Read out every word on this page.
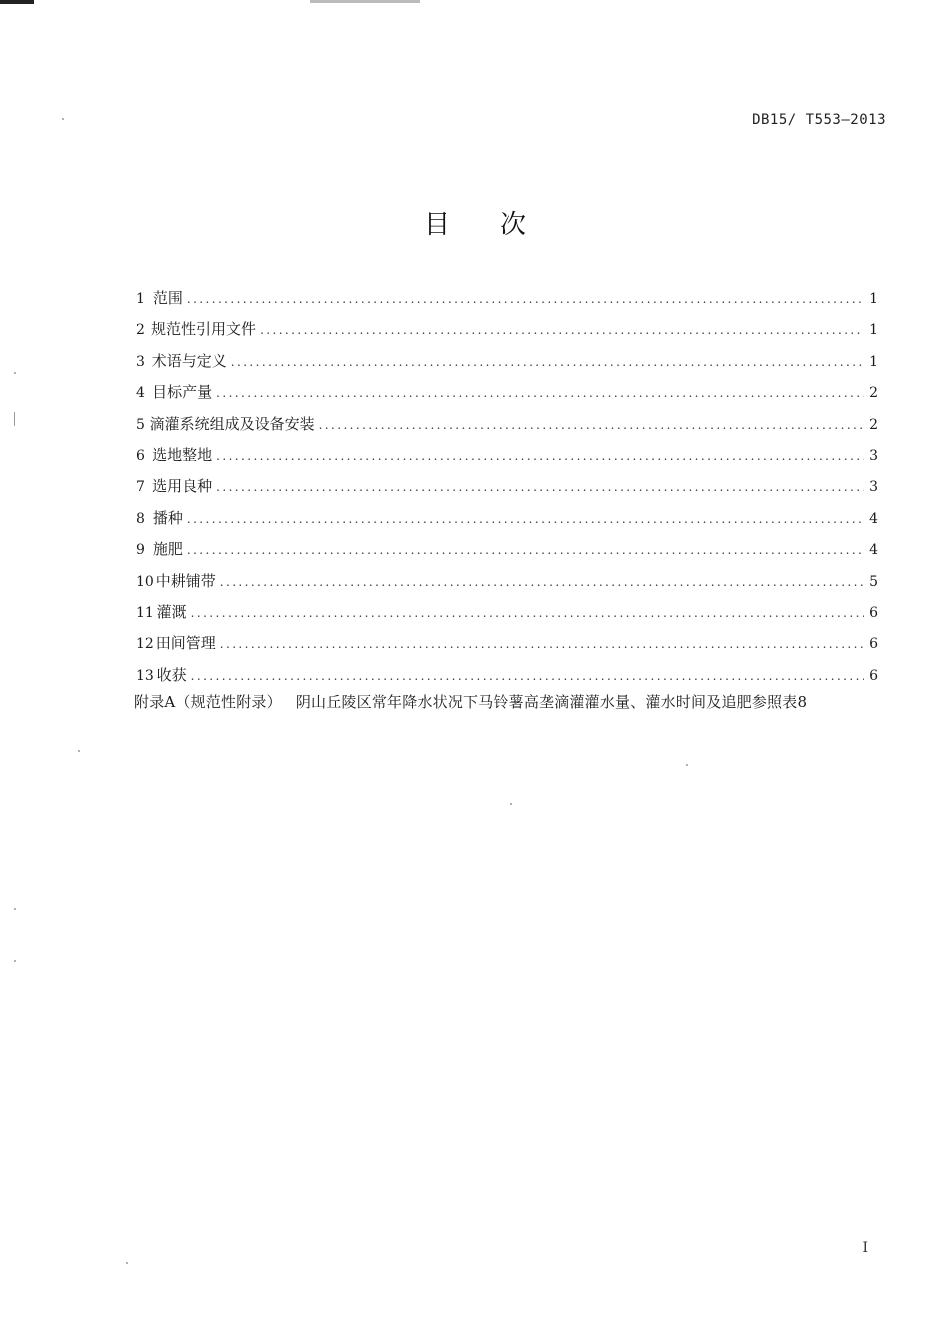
DB15/ T553—2013
目次
1 范围 .....	1
2 规范性引用文件 .....	1
3 术语与定义 .....	1
4 目标产量 .....	2
5 滴灌系统组成及设备安装 .....	2
6 选地整地 .....	3
7 选用良种 .....	3
8 播种 .....	4
9 施肥 .....	4
10 中耕铺带 .....	5
11 灌溉 .....	6
12 田间管理 .....	6
13 收获 .....	6
附录A（规范性附录） 阴山丘陵区常年降水状况下马铃薯高垄滴灌灌水量、灌水时间及追肥参照表8
I
